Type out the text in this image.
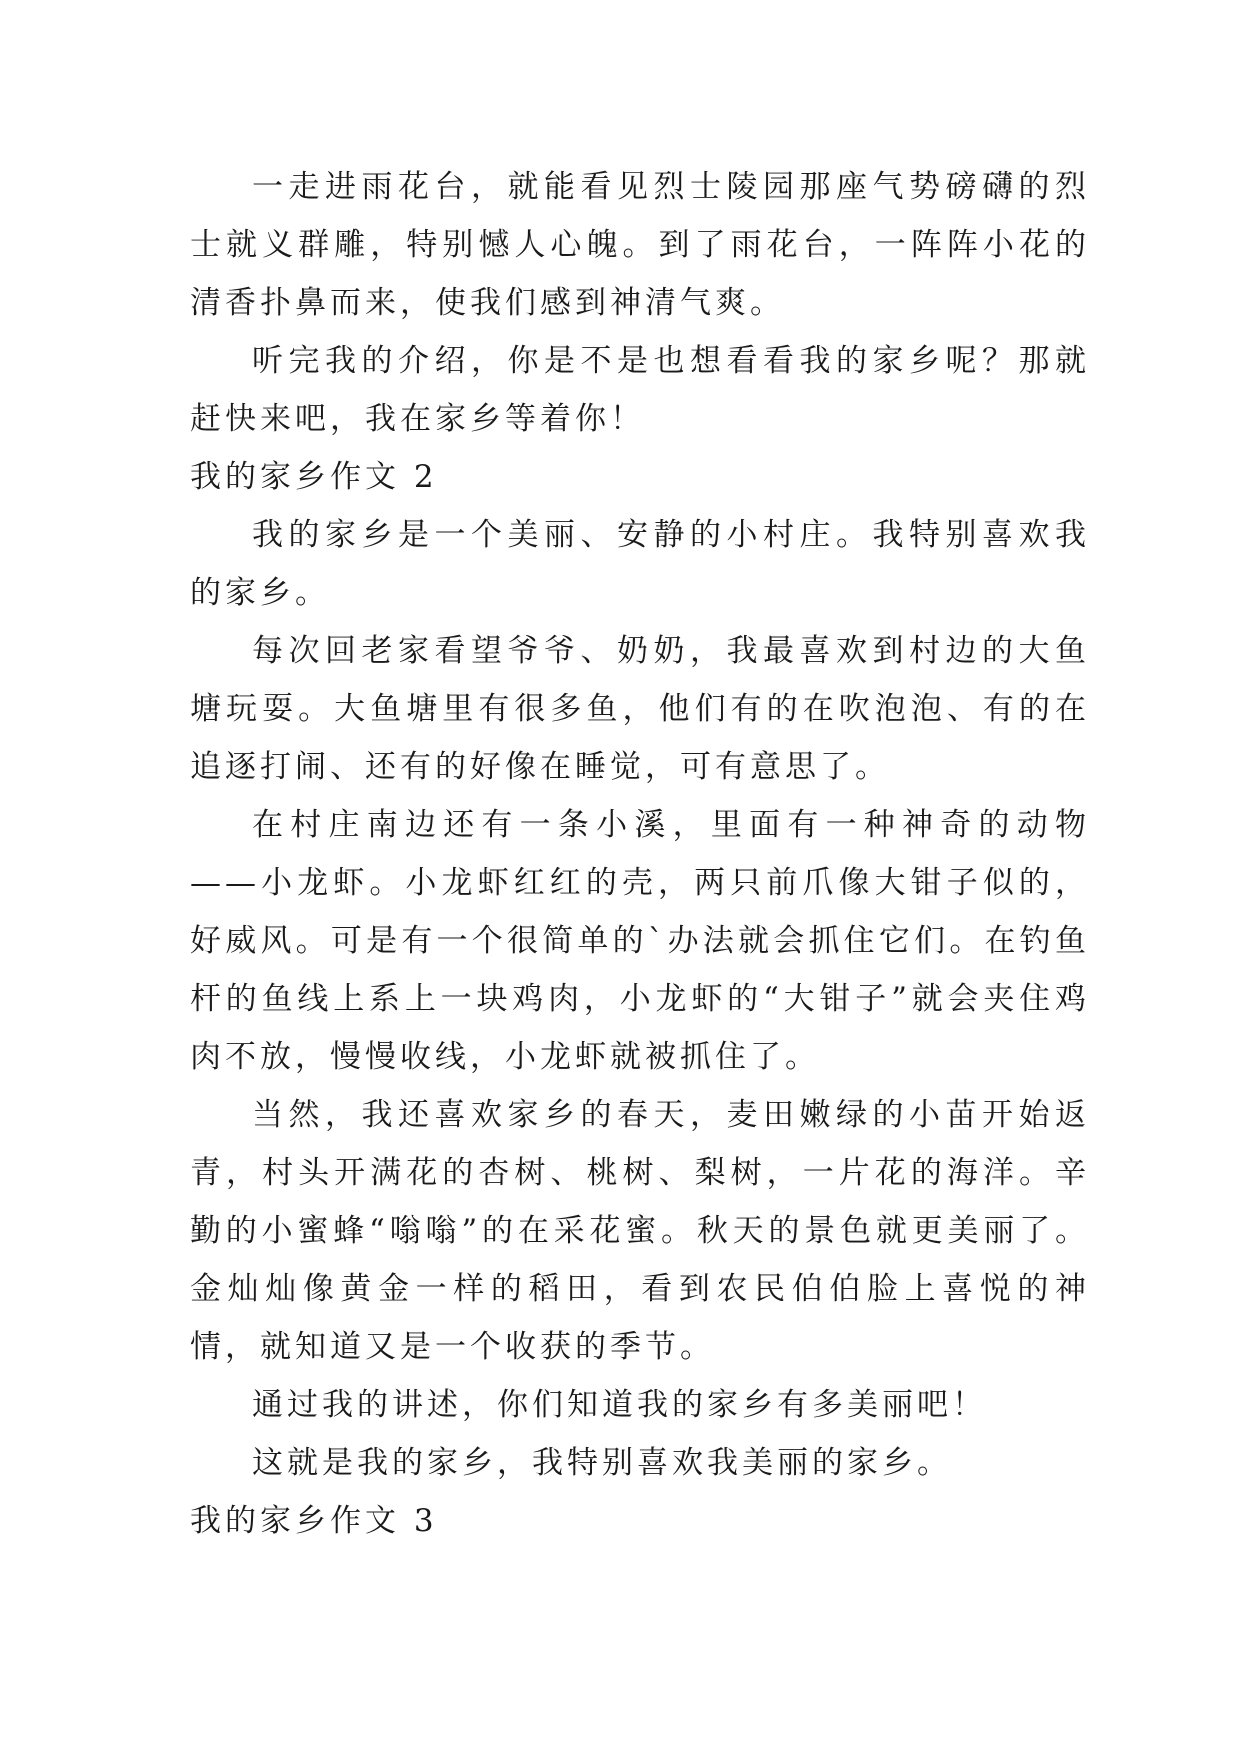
一走进雨花台，就能看见烈士陵园那座气势磅礴的烈士就义群雕，特别憾人心魄。到了雨花台，一阵阵小花的清香扑鼻而来，使我们感到神清气爽。

听完我的介绍，你是不是也想看看我的家乡呢？那就赶快来吧，我在家乡等着你！

我的家乡作文 2

我的家乡是一个美丽、安静的小村庄。我特别喜欢我的家乡。

每次回老家看望爷爷、奶奶，我最喜欢到村边的大鱼塘玩耍。大鱼塘里有很多鱼，他们有的在吹泡泡、有的在追逐打闹、还有的好像在睡觉，可有意思了。

在村庄南边还有一条小溪，里面有一种神奇的动物——小龙虾。小龙虾红红的壳，两只前爪像大钳子似的，好威风。可是有一个很简单的`办法就会抓住它们。在钓鱼杆的鱼线上系上一块鸡肉，小龙虾的“大钳子”就会夹住鸡肉不放，慢慢收线，小龙虾就被抓住了。

当然，我还喜欢家乡的春天，麦田嫩绿的小苗开始返青，村头开满花的杏树、桃树、梨树，一片花的海洋。辛勤的小蜜蜂“嗡嗡”的在采花蜜。秋天的景色就更美丽了。金灿灿像黄金一样的稻田，看到农民伯伯脸上喜悦的神情，就知道又是一个收获的季节。

通过我的讲述，你们知道我的家乡有多美丽吧！

这就是我的家乡，我特别喜欢我美丽的家乡。

我的家乡作文 3
